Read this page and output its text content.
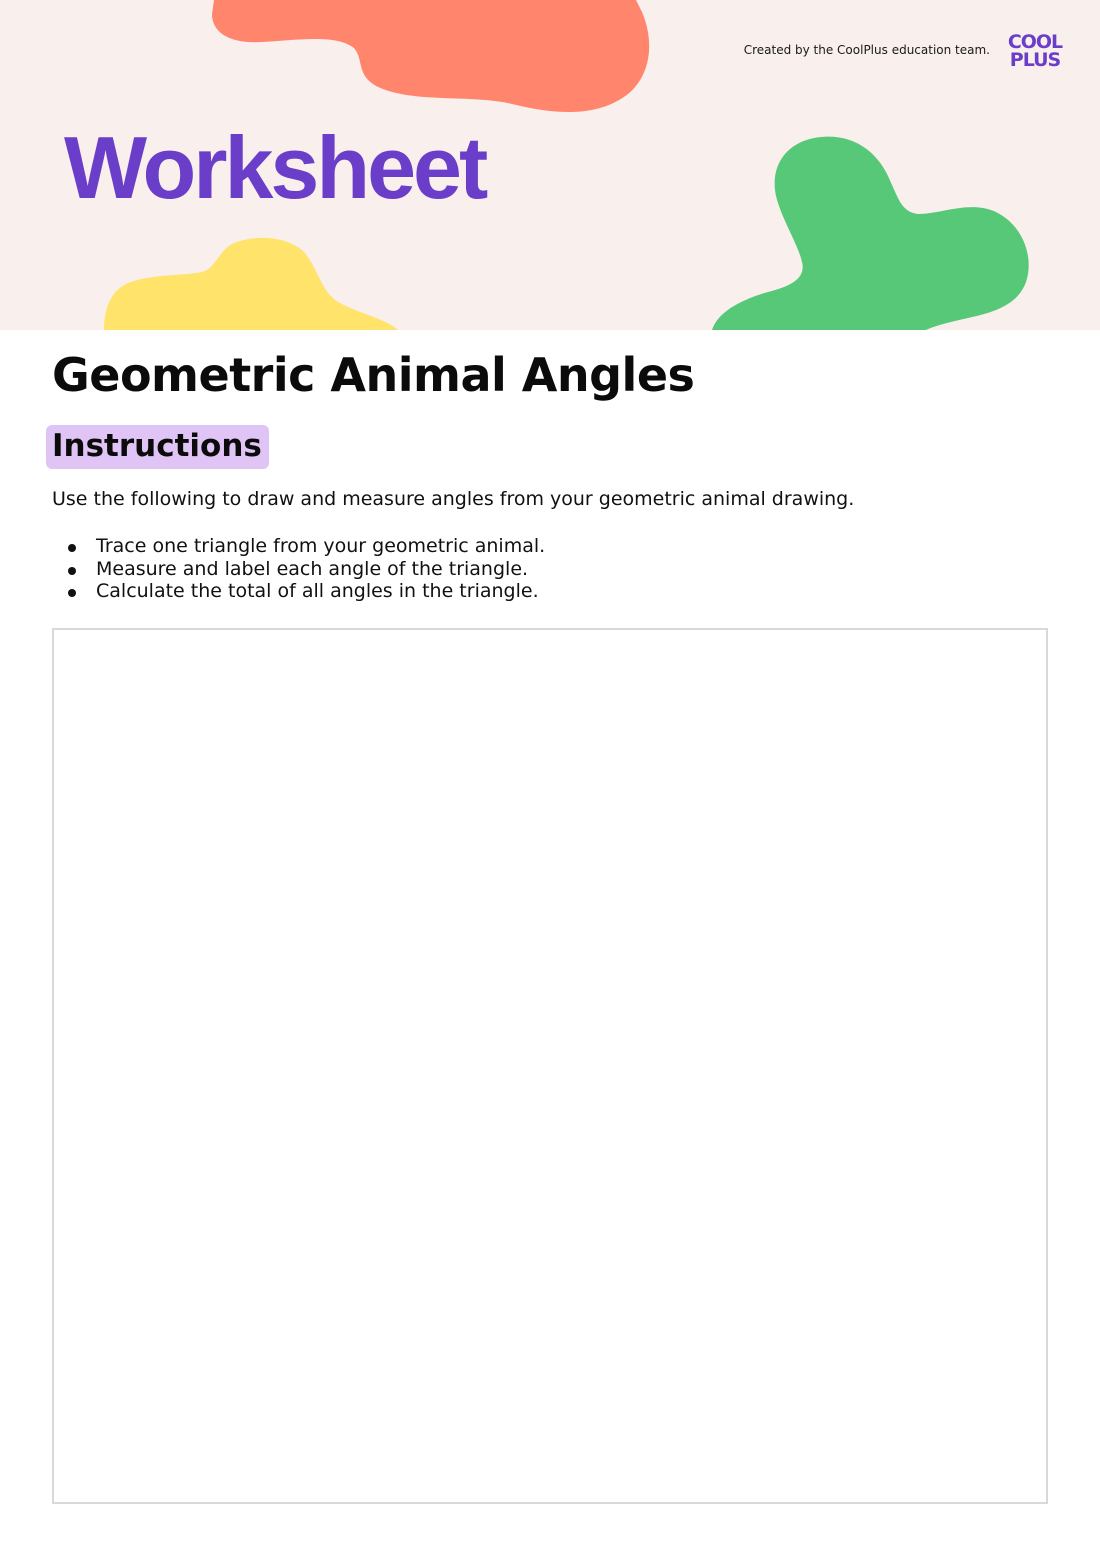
Worksheet
Created by the CoolPlus education team. COOL
PLUS
Geometric Animal Angles
Instructions

Use the following to draw and measure angles from your geometric animal drawing.

Trace one triangle from your geometric animal.
Measure and label each angle of the triangle.
Calculate the total of all angles in the triangle.
